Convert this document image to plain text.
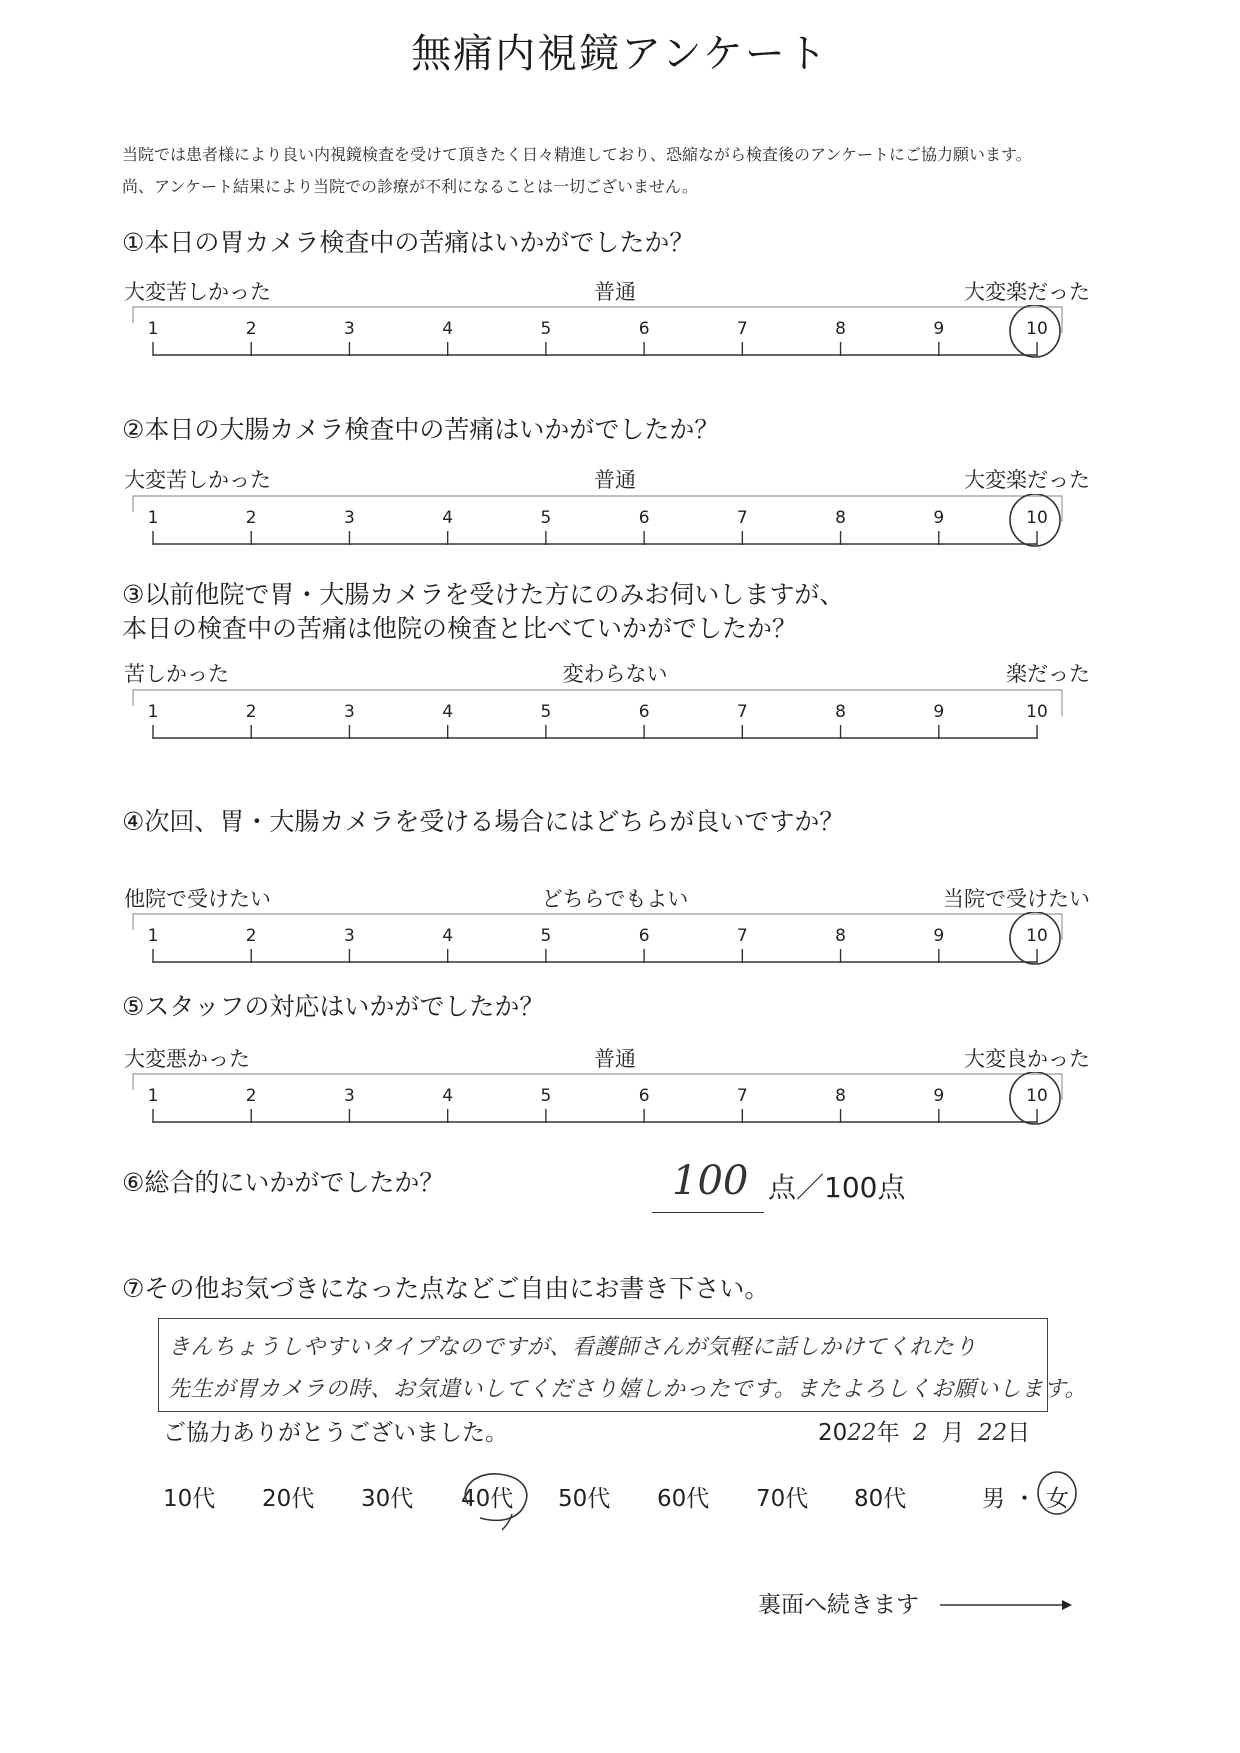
無痛内視鏡アンケート
当院では患者様により良い内視鏡検査を受けて頂きたく日々精進しており、恐縮ながら検査後のアンケートにご協力願います。
尚、アンケート結果により当院での診療が不利になることは一切ございません。
①本日の胃カメラ検査中の苦痛はいかがでしたか？
大変苦しかった	普通	大変楽だった
1	2	3	4	5	6	7	8	9	10
②本日の大腸カメラ検査中の苦痛はいかがでしたか？
大変苦しかった	普通	大変楽だった
1	2	3	4	5	6	7	8	9	10
③以前他院で胃・大腸カメラを受けた方にのみお伺いしますが、
本日の検査中の苦痛は他院の検査と比べていかがでしたか？
苦しかった	変わらない	楽だった
1	2	3	4	5	6	7	8	9	10
④次回、胃・大腸カメラを受ける場合にはどちらが良いですか？
他院で受けたい	どちらでもよい	当院で受けたい
1	2	3	4	5	6	7	8	9	10
⑤スタッフの対応はいかがでしたか？
大変悪かった	普通	大変良かった
1	2	3	4	5	6	7	8	9	10
⑥総合的にいかがでしたか？	100 点／100点
⑦その他お気づきになった点などご自由にお書き下さい。
きんちょうしやすいタイプなのですが、看護師さんが気軽に話しかけてくれたり
先生が胃カメラの時、お気遣いしてくださり嬉しかったです。またよろしくお願いします。
ご協力ありがとうございました。	2022年 2 月 22日
10代 20代 30代 40代 50代 60代 70代 80代	男 ・ 女
裏面へ続きます
